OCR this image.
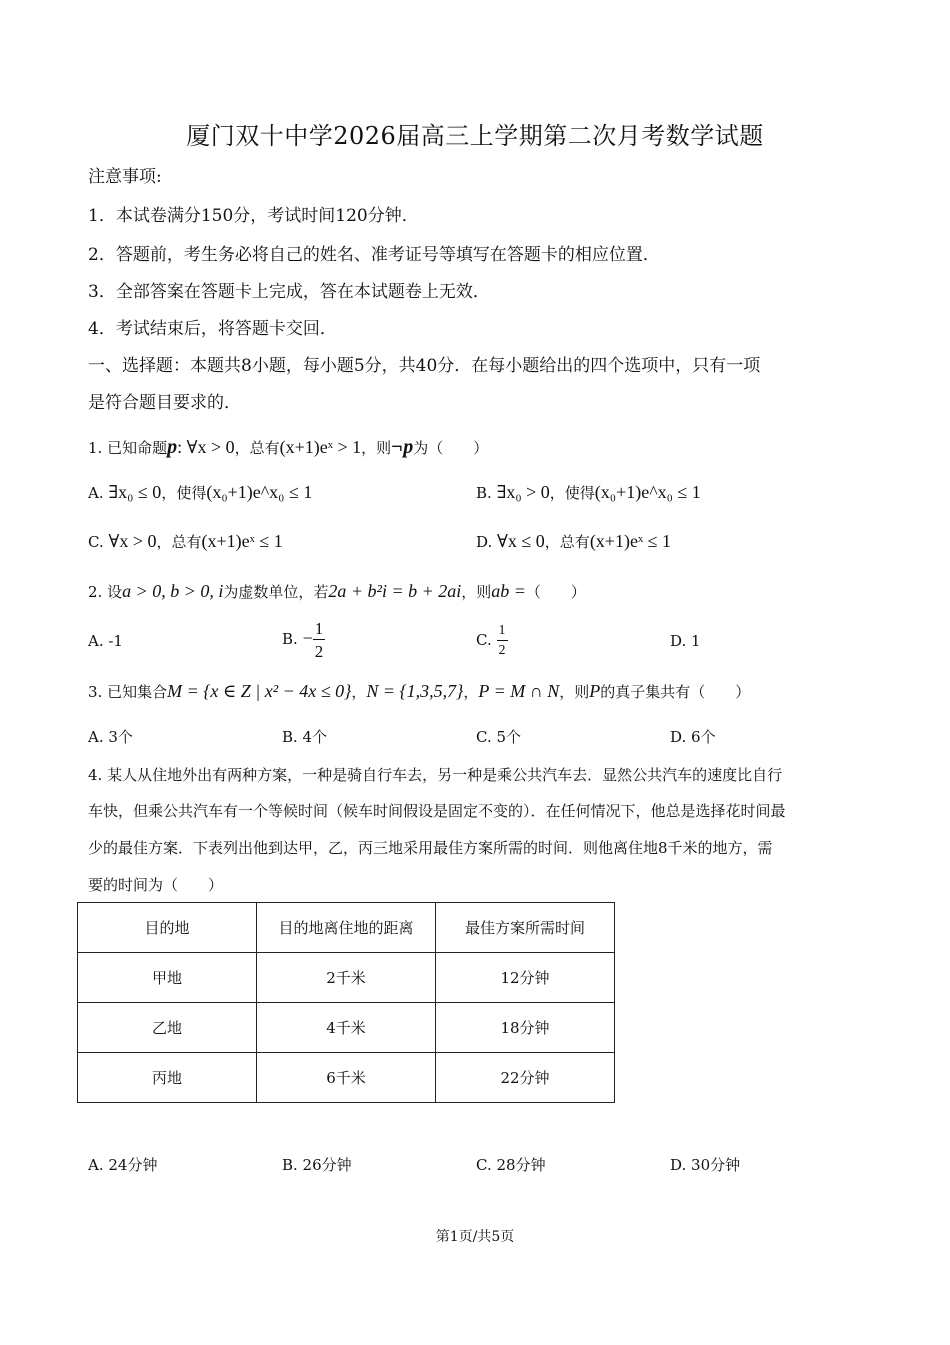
厦门双十中学2026届高三上学期第二次月考数学试题
注意事项:
1．本试卷满分150分，考试时间120分钟．
2．答题前，考生务必将自己的姓名、准考证号等填写在答题卡的相应位置．
3．全部答案在答题卡上完成，答在本试题卷上无效．
4．考试结束后，将答题卡交回．
一、选择题：本题共8小题，每小题5分，共40分．在每小题给出的四个选项中，只有一项
是符合题目要求的．
1. 已知命题p: ∀x > 0，总有(x+1)eˣ > 1，则¬p为（　　）
A. ∃x₀ ≤ 0，使得(x₀+1)e^x₀ ≤ 1	B. ∃x₀ > 0，使得(x₀+1)e^x₀ ≤ 1
C. ∀x > 0，总有(x+1)eˣ ≤ 1	D. ∀x ≤ 0，总有(x+1)eˣ ≤ 1
2. 设a > 0, b > 0, i为虚数单位，若2a + b²i = b + 2ai，则ab =（　　）
A. -1	B. − $\frac{1}{2}$	C. $\frac{1}{2}$	D. 1
3. 已知集合M = {x ∈ Z | x² − 4x ≤ 0}，N = {1,3,5,7}，P = M ∩ N，则P的真子集共有（　　）
A. 3个	B. 4个	C. 5个	D. 6个
4. 某人从住地外出有两种方案，一种是骑自行车去，另一种是乘公共汽车去．显然公共汽车的速度比自行
车快，但乘公共汽车有一个等候时间（候车时间假设是固定不变的）．在任何情况下，他总是选择花时间最
少的最佳方案．下表列出他到达甲，乙，丙三地采用最佳方案所需的时间．则他离住地8千米的地方，需
要的时间为（　　）
目的地	目的地离住地的距离	最佳方案所需时间
甲地	2千米	12分钟
乙地	4千米	18分钟
丙地	6千米	22分钟
A. 24分钟	B. 26分钟	C. 28分钟	D. 30分钟
第1页/共5页
